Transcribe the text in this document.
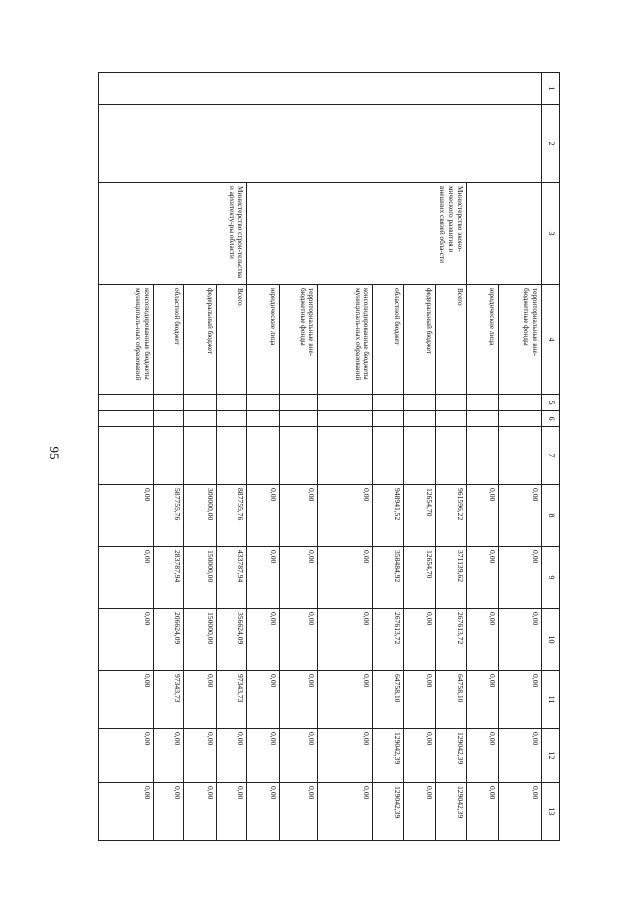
95
1	2	3	4	5	6	7	8	9	10	11	12	13
			территориальные вне-бюджетные фонды				0,00	0,00	0,00	0,00	0,00	0,00
			юридические лица				0,00	0,00	0,00	0,00	0,00	0,00
		Министерство эконо-мического развития и внешних связей обла-сти	Всего				961596,22	371139,62	267613,72	64758,10	129042,39	129042,39
			федеральный бюджет				12654,70	12654,70	0,00	0,00	0,00	0,00
			областной бюджет				948941,52	358484,92	267613,72	64758,10	129042,39	129042,39
			консолидированные бюджеты муниципаль-ных образований				0,00	0,00	0,00	0,00	0,00	0,00
			территориальные вне-бюджетные фонды				0,00	0,00	0,00	0,00	0,00	0,00
			юридические лица				0,00	0,00	0,00	0,00	0,00	0,00
		Министерство строи-тельства и архитекту-ры области	Всего				887755,76	433787,94	356624,09	97343,73	0,00	0,00
			федеральный бюджет				300000,00	150000,00	150000,00	0,00	0,00	0,00
			областной бюджет				587755,76	283787,94	206624,09	97343,73	0,00	0,00
			консолидированные бюджеты муниципаль-ных образований				0,00	0,00	0,00	0,00	0,00	0,00
